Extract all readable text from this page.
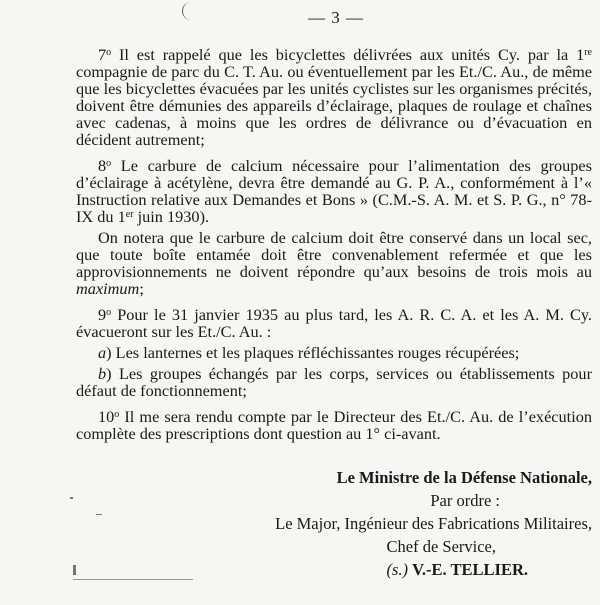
— 3 —

7$^o$ Il est rappelé que les bicyclettes délivrées aux unités Cy. par la 1re compagnie de parc du C. T. Au. ou éventuellement par les Et./C. Au., de même que les bicyclettes évacuées par les unités cyclistes sur les organismes précités, doivent être démunies des appareils d’éclairage, plaques de roulage et chaînes avec cadenas, à moins que les ordres de délivrance ou d’évacuation en décident autrement;

8$^o$ Le carbure de calcium nécessaire pour l’alimentation des groupes d’éclairage à acétylène, devra être demandé au G. P. A., conformément à l’« Instruction relative aux Demandes et Bons » (C.M.-S. A. M. et S. P. G., n° 78-IX du 1er juin 1930).

On notera que le carbure de calcium doit être conservé dans un local sec, que toute boîte entamée doit être convenablement refermée et que les approvisionnements ne doivent répondre qu’aux besoins de trois mois au maximum;

9$^o$ Pour le 31 janvier 1935 au plus tard, les A. R. C. A. et les A. M. Cy. évacueront sur les Et./C. Au. :

a) Les lanternes et les plaques réfléchissantes rouges récupérées;

b) Les groupes échangés par les corps, services ou établissements pour défaut de fonctionnement;

10$^o$ Il me sera rendu compte par le Directeur des Et./C. Au. de l’exécution complète des prescriptions dont question au 1° ci-avant.

Le Ministre de la Défense Nationale,
Par ordre :
Le Major, Ingénieur des Fabrications Militaires,
Chef de Service,
(s.) V.-E. TELLIER.
